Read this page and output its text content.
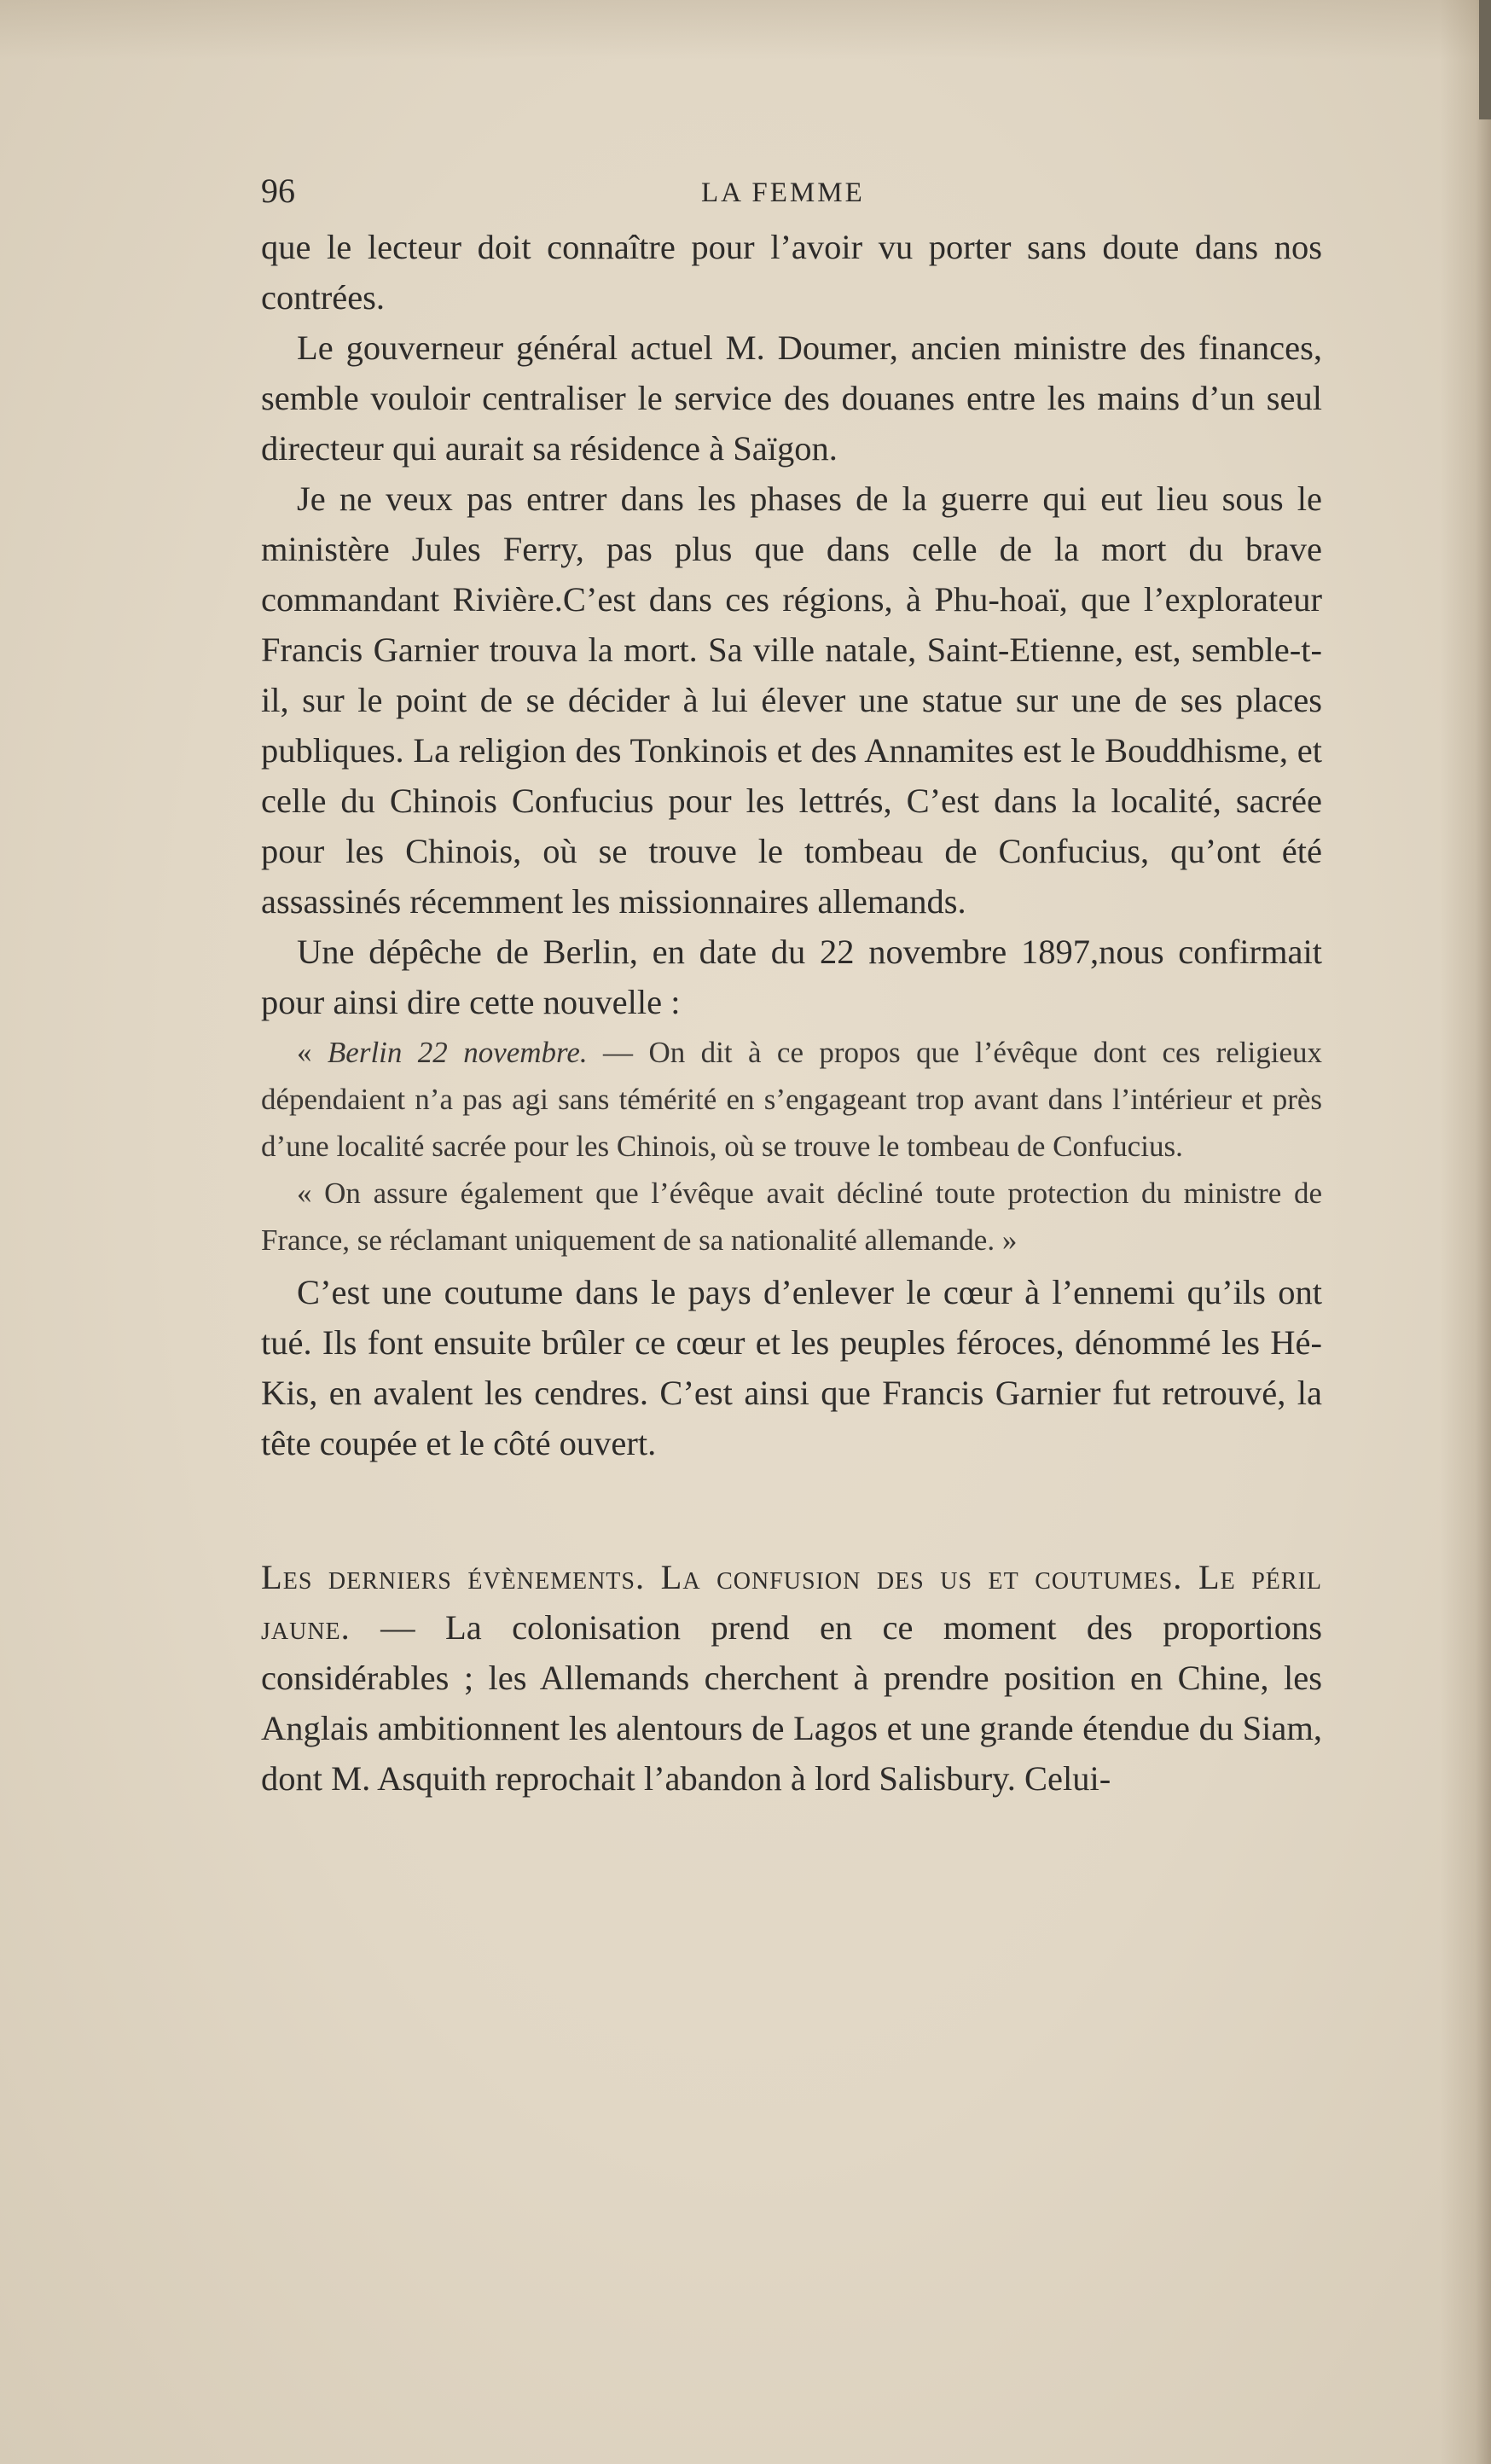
96	LA FEMME

que le lecteur doit connaître pour l’avoir vu porter sans doute dans nos contrées.

Le gouverneur général actuel M. Doumer, ancien ministre des finances, semble vouloir centraliser le service des douanes entre les mains d’un seul directeur qui aurait sa résidence à Saïgon.

Je ne veux pas entrer dans les phases de la guerre qui eut lieu sous le ministère Jules Ferry, pas plus que dans celle de la mort du brave commandant Rivière.C’est dans ces régions, à Phu-hoaï, que l’explorateur Francis Garnier trouva la mort. Sa ville natale, Saint-Etienne, est, semble-t-il, sur le point de se décider à lui élever une statue sur une de ses places publiques. La religion des Tonkinois et des Annamites est le Bouddhisme, et celle du Chinois Confucius pour les lettrés, C’est dans la localité, sacrée pour les Chinois, où se trouve le tombeau de Confucius, qu’ont été assassinés récemment les missionnaires allemands.

Une dépêche de Berlin, en date du 22 novembre 1897,nous confirmait pour ainsi dire cette nouvelle :

« Berlin 22 novembre. — On dit à ce propos que l’évêque dont ces religieux dépendaient n’a pas agi sans témérité en s’engageant trop avant dans l’intérieur et près d’une localité sacrée pour les Chinois, où se trouve le tombeau de Confucius.

« On assure également que l’évêque avait décliné toute protection du ministre de France, se réclamant uniquement de sa nationalité allemande. »

C’est une coutume dans le pays d’enlever le cœur à l’ennemi qu’ils ont tué. Ils font ensuite brûler ce cœur et les peuples féroces, dénommé les Hé-Kis, en avalent les cendres. C’est ainsi que Francis Garnier fut retrouvé, la tête coupée et le côté ouvert.

Les derniers évènements. La confusion des us et coutumes. Le péril jaune. — La colonisation prend en ce moment des proportions considérables ; les Allemands cherchent à prendre position en Chine, les Anglais ambitionnent les alentours de Lagos et une grande étendue du Siam, dont M. Asquith reprochait l’abandon à lord Salisbury. Celui-
